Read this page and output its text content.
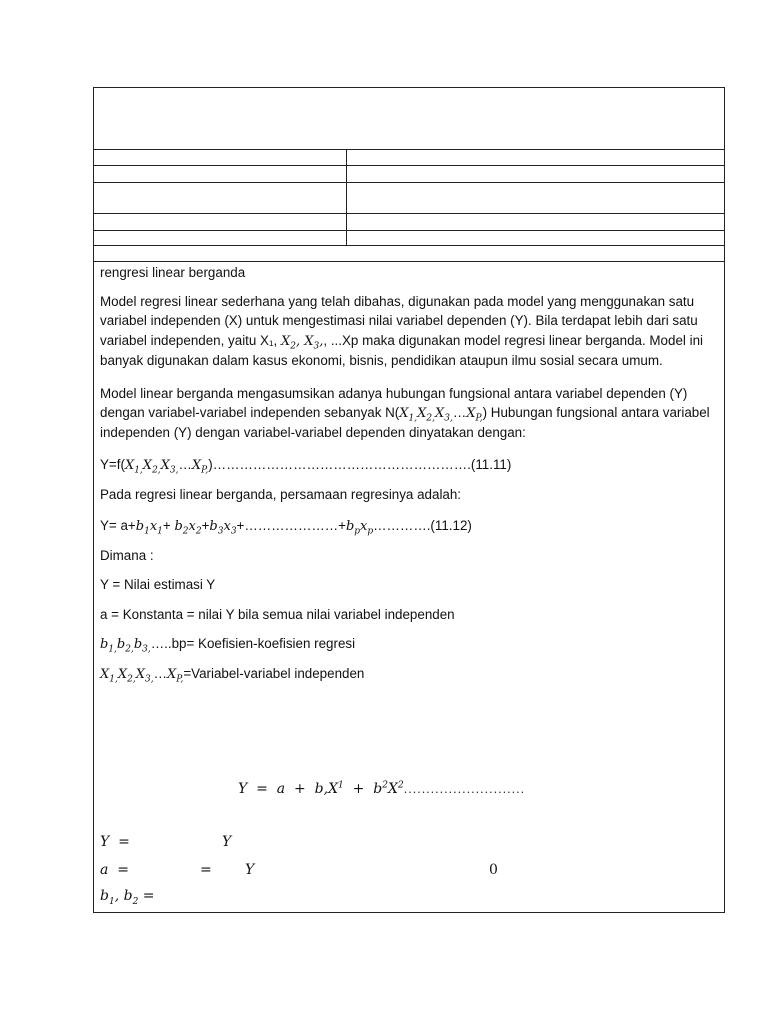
rengresi linear berganda

Model regresi linear sederhana yang telah dibahas, digunakan pada model yang menggunakan satu variabel independen (X) untuk mengestimasi nilai variabel dependen (Y). Bila terdapat lebih dari satu variabel independen, yaitu X₁, $X_2$, $X_3$,, ...Xp maka digunakan model regresi linear berganda. Model ini banyak digunakan dalam kasus ekonomi, bisnis, pendidikan ataupun ilmu sosial secara umum.

Model linear berganda mengasumsikan adanya hubungan fungsional antara variabel dependen (Y) dengan variabel-variabel independen sebanyak $N(X_{1,}X_{2,}X_{3,}\dots X_{P,})$ Hubungan fungsional antara variabel independen (Y) dengan variabel-variabel dependen dinyatakan dengan:

$Y=f(X_{1,}X_{2,}X_{3,}\dots X_{P,})\dots\dots\dots\dots\dots\dots\dots\dots\dots\dots\dots\dots\dots\dots\dots\dots\dots\dots\dots.(11.11)$

Pada regresi linear berganda, persamaan regresinya adalah:

$Y= a+b_1x_1+$ $b_2x_2+b_3x_3+\dots\dots\dots\dots\dots\dots\dots+b_px_p\dots\dots\dots\dots.(11.12)$

Dimana :

Y = Nilai estimasi Y

a = Konstanta = nilai Y bila semua nilai variabel independen

$b_{1,}b_{2,}b_{3,}\dots..bp=$ Koefisien-koefisien regresi

$X_{1,}X_{2,}X_{3,}\dots X_{P,}=Variabel$-variabel independen

$Y = a + b,X^1 + b^2X^2$...........................
Y  =	Y
a  =	= Y	0
$b_1$, $b_2$ =
